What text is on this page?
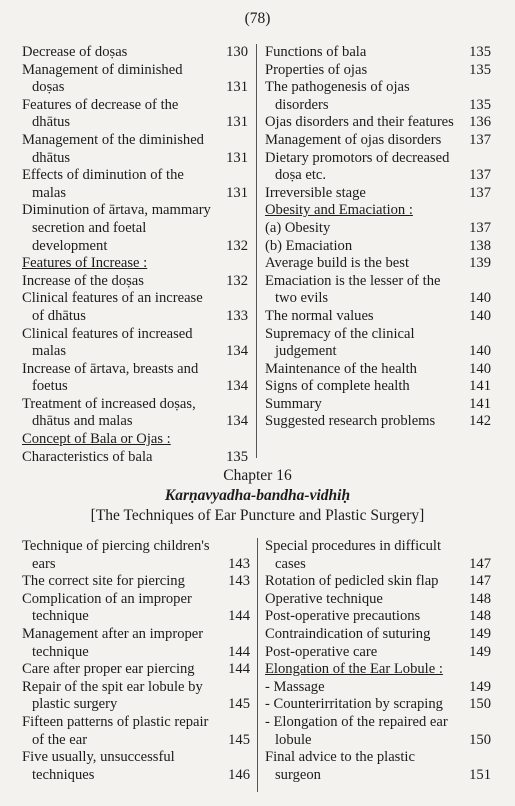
(78)
Decrease of doṣas	130
Management of diminished doṣas	131
Features of decrease of the dhātus	131
Management of the diminished dhātus	131
Effects of diminution of the malas	131
Diminution of ārtava, mammary secretion and foetal development	132
Features of Increase :
Increase of the doṣas	132
Clinical features of an increase of dhātus	133
Clinical features of increased malas	134
Increase of ārtava, breasts and foetus	134
Treatment of increased doṣas, dhātus and malas	134
Concept of Bala or Ojas :
Characteristics of bala	135
Functions of bala	135
Properties of ojas	135
The pathogenesis of ojas disorders	135
Ojas disorders and their features	136
Management of ojas disorders	137
Dietary promotors of decreased doṣa etc.	137
Irreversible stage	137
Obesity and Emaciation :
(a) Obesity	137
(b) Emaciation	138
Average build is the best	139
Emaciation is the lesser of the two evils	140
The normal values	140
Supremacy of the clinical judgement	140
Maintenance of the health	140
Signs of complete health	141
Summary	141
Suggested research problems	142
Chapter 16
Karṇavyadha-bandha-vidhiḥ
[The Techniques of Ear Puncture and Plastic Surgery]
Technique of piercing children's ears	143
The correct site for piercing	143
Complication of an improper technique	144
Management after an improper technique	144
Care after proper ear piercing	144
Repair of the spit ear lobule by plastic surgery	145
Fifteen patterns of plastic repair of the ear	145
Five usually, unsuccessful techniques	146
Special procedures in difficult cases	147
Rotation of pedicled skin flap	147
Operative technique	148
Post-operative precautions	148
Contraindication of suturing	149
Post-operative care	149
Elongation of the Ear Lobule :
- Massage	149
- Counterirritation by scraping	150
- Elongation of the repaired ear lobule	150
Final advice to the plastic surgeon	151
